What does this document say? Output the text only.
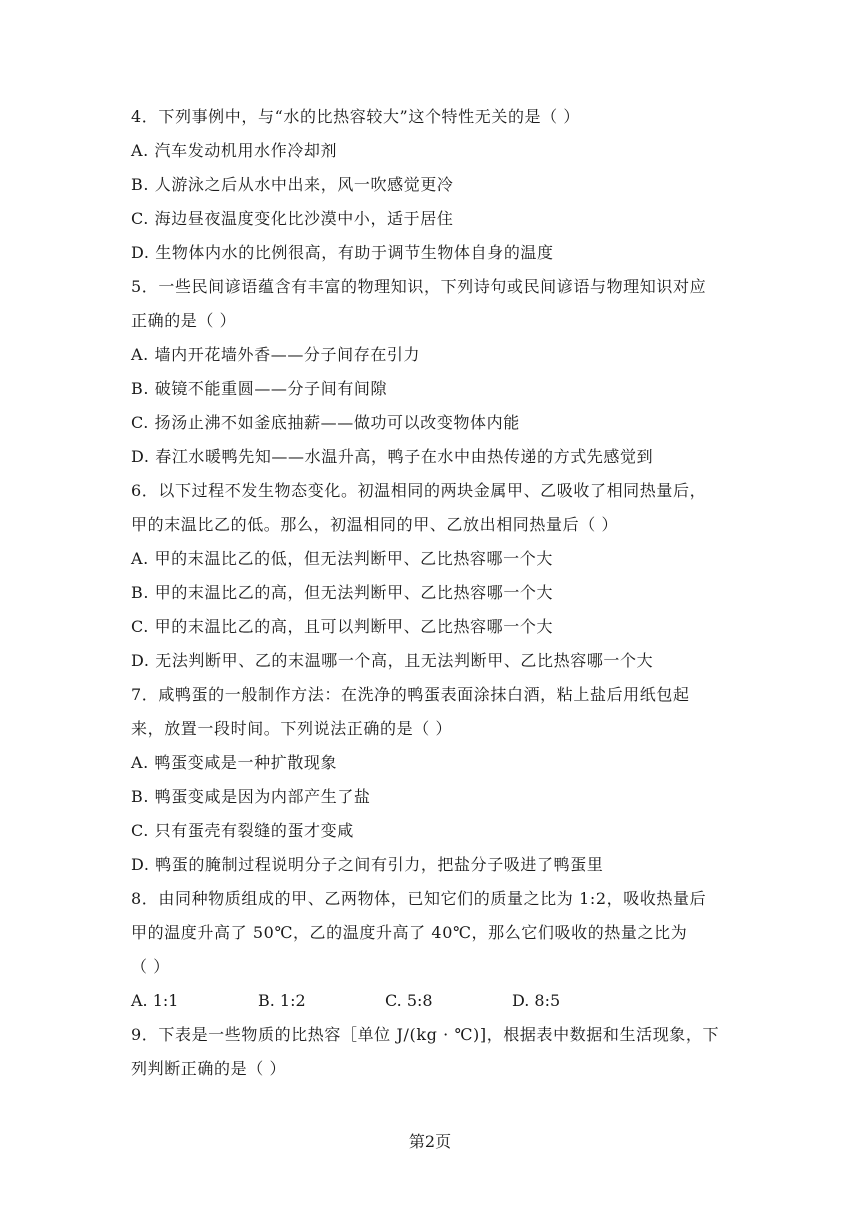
4．下列事例中，与“水的比热容较大”这个特性无关的是（ ）
A. 汽车发动机用水作冷却剂
B. 人游泳之后从水中出来，风一吹感觉更冷
C. 海边昼夜温度变化比沙漠中小，适于居住
D. 生物体内水的比例很高，有助于调节生物体自身的温度
5．一些民间谚语蕴含有丰富的物理知识，下列诗句或民间谚语与物理知识对应
正确的是（ ）
A. 墙内开花墙外香——分子间存在引力
B. 破镜不能重圆——分子间有间隙
C. 扬汤止沸不如釜底抽薪——做功可以改变物体内能
D. 春江水暖鸭先知——水温升高，鸭子在水中由热传递的方式先感觉到
6．以下过程不发生物态变化。初温相同的两块金属甲、乙吸收了相同热量后，
甲的末温比乙的低。那么，初温相同的甲、乙放出相同热量后（ ）
A. 甲的末温比乙的低，但无法判断甲、乙比热容哪一个大
B. 甲的末温比乙的高，但无法判断甲、乙比热容哪一个大
C. 甲的末温比乙的高，且可以判断甲、乙比热容哪一个大
D. 无法判断甲、乙的末温哪一个高，且无法判断甲、乙比热容哪一个大
7．咸鸭蛋的一般制作方法：在洗净的鸭蛋表面涂抹白酒，粘上盐后用纸包起
来，放置一段时间。下列说法正确的是（ ）
A. 鸭蛋变咸是一种扩散现象
B. 鸭蛋变咸是因为内部产生了盐
C. 只有蛋壳有裂缝的蛋才变咸
D. 鸭蛋的腌制过程说明分子之间有引力，把盐分子吸进了鸭蛋里
8．由同种物质组成的甲、乙两物体，已知它们的质量之比为 1:2，吸收热量后
甲的温度升高了 50℃，乙的温度升高了 40℃，那么它们吸收的热量之比为
（ ）
A. 1:1	B. 1:2	C. 5:8	D. 8:5
9．下表是一些物质的比热容［单位 J/(kg · ℃)]，根据表中数据和生活现象，下
列判断正确的是（ ）
第2页
